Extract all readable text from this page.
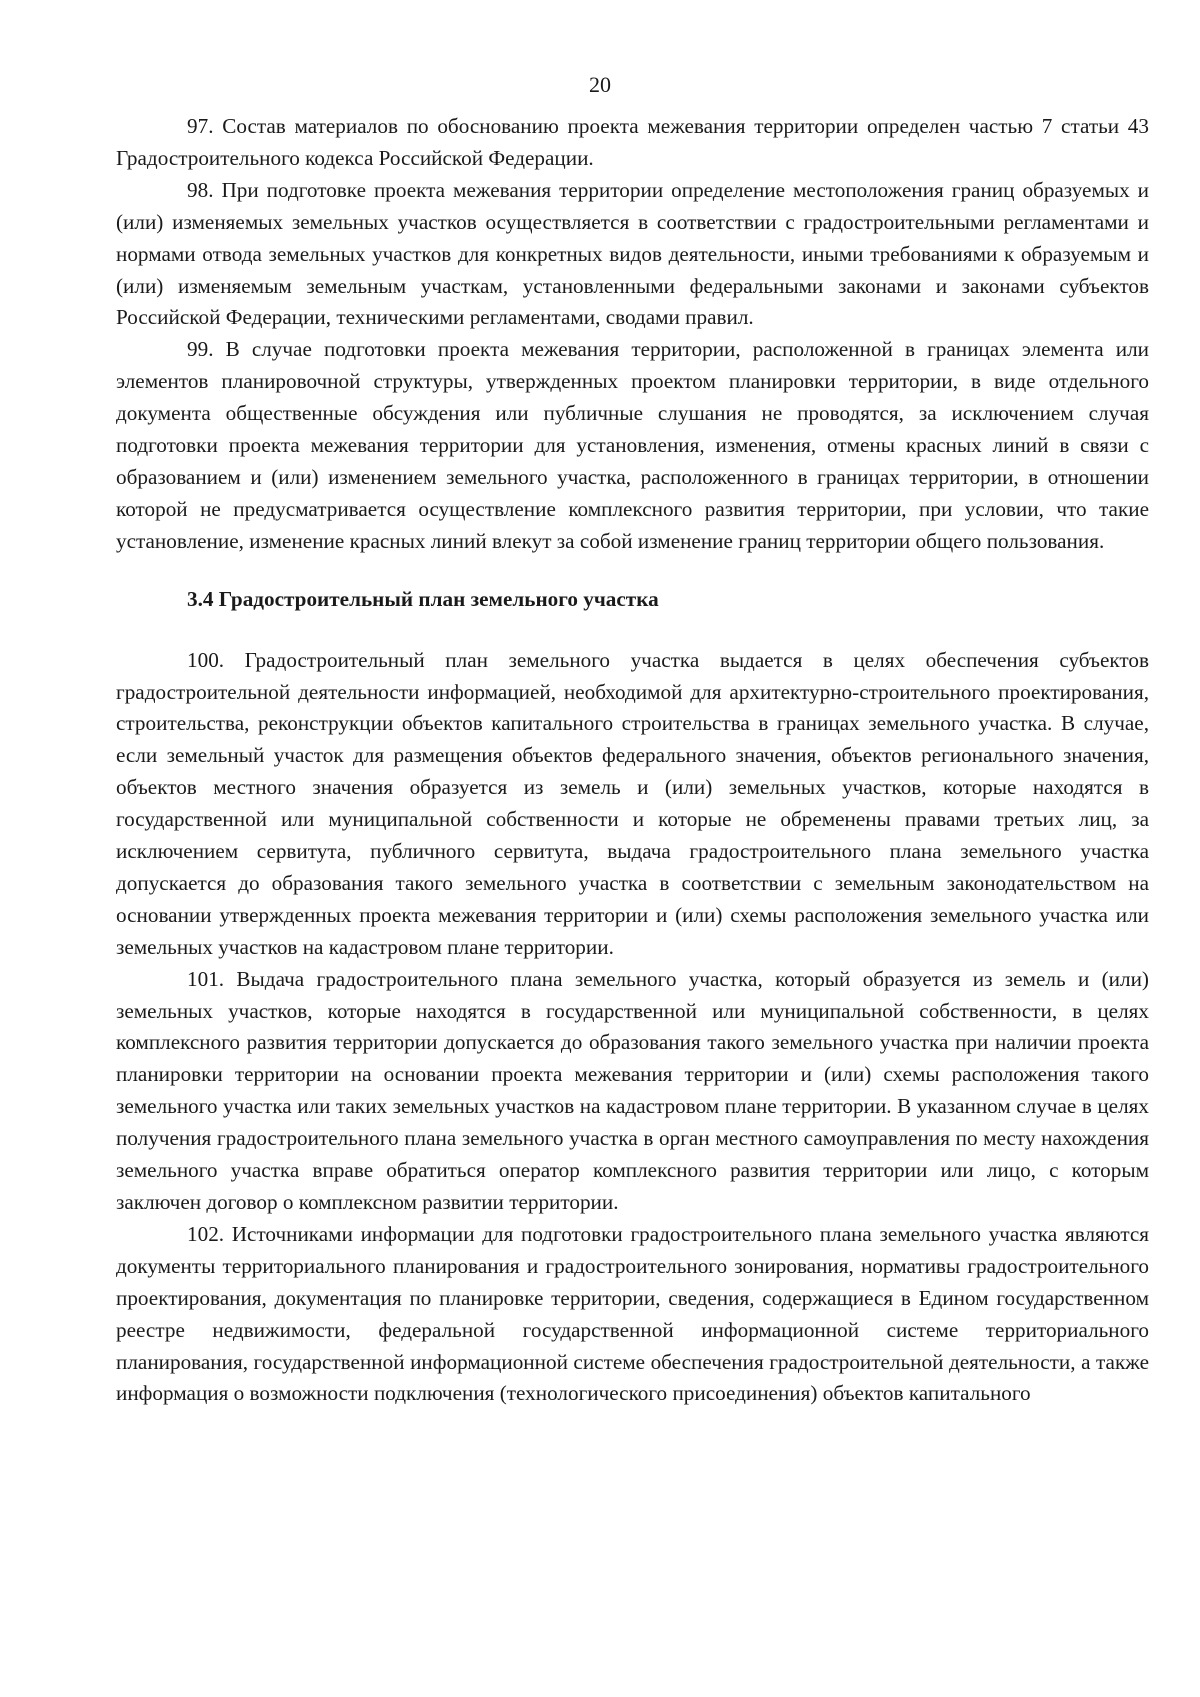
20

97. Состав материалов по обоснованию проекта межевания территории определен частью 7 статьи 43 Градостроительного кодекса Российской Федерации.

98. При подготовке проекта межевания территории определение местоположения границ образуемых и (или) изменяемых земельных участков осуществляется в соответствии с градостроительными регламентами и нормами отвода земельных участков для конкретных видов деятельности, иными требованиями к образуемым и (или) изменяемым земельным участкам, установленными федеральными законами и законами субъектов Российской Федерации, техническими регламентами, сводами правил.

99. В случае подготовки проекта межевания территории, расположенной в границах элемента или элементов планировочной структуры, утвержденных проектом планировки территории, в виде отдельного документа общественные обсуждения или публичные слушания не проводятся, за исключением случая подготовки проекта межевания территории для установления, изменения, отмены красных линий в связи с образованием и (или) изменением земельного участка, расположенного в границах территории, в отношении которой не предусматривается осуществление комплексного развития территории, при условии, что такие установление, изменение красных линий влекут за собой изменение границ территории общего пользования.

3.4 Градостроительный план земельного участка

100. Градостроительный план земельного участка выдается в целях обеспечения субъектов градостроительной деятельности информацией, необходимой для архитектурно-строительного проектирования, строительства, реконструкции объектов капитального строительства в границах земельного участка. В случае, если земельный участок для размещения объектов федерального значения, объектов регионального значения, объектов местного значения образуется из земель и (или) земельных участков, которые находятся в государственной или муниципальной собственности и которые не обременены правами третьих лиц, за исключением сервитута, публичного сервитута, выдача градостроительного плана земельного участка допускается до образования такого земельного участка в соответствии с земельным законодательством на основании утвержденных проекта межевания территории и (или) схемы расположения земельного участка или земельных участков на кадастровом плане территории.

101. Выдача градостроительного плана земельного участка, который образуется из земель и (или) земельных участков, которые находятся в государственной или муниципальной собственности, в целях комплексного развития территории допускается до образования такого земельного участка при наличии проекта планировки территории на основании проекта межевания территории и (или) схемы расположения такого земельного участка или таких земельных участков на кадастровом плане территории. В указанном случае в целях получения градостроительного плана земельного участка в орган местного самоуправления по месту нахождения земельного участка вправе обратиться оператор комплексного развития территории или лицо, с которым заключен договор о комплексном развитии территории.

102. Источниками информации для подготовки градостроительного плана земельного участка являются документы территориального планирования и градостроительного зонирования, нормативы градостроительного проектирования, документация по планировке территории, сведения, содержащиеся в Едином государственном реестре недвижимости, федеральной государственной информационной системе территориального планирования, государственной информационной системе обеспечения градостроительной деятельности, а также информация о возможности подключения (технологического присоединения) объектов капитального
